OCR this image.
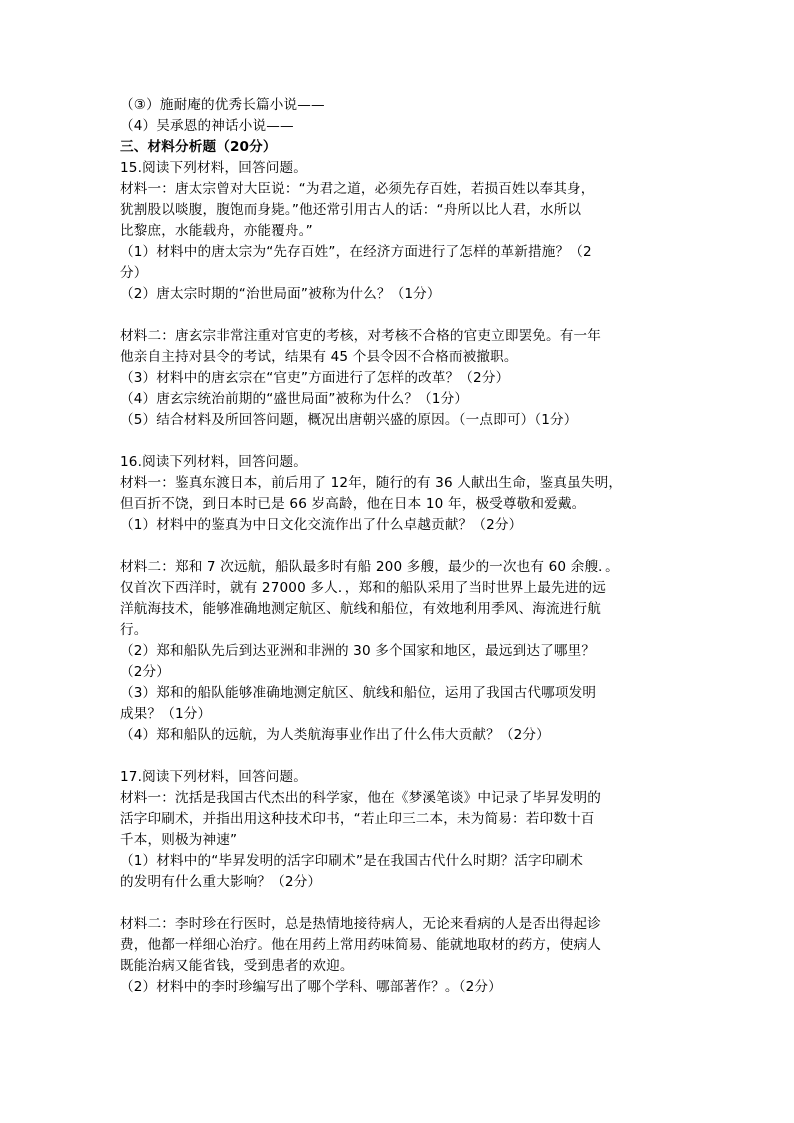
（③）施耐庵的优秀长篇小说——
（4）吴承恩的神话小说——
三、材料分析题（20分）
15.阅读下列材料，回答问题。
材料一：唐太宗曾对大臣说：“为君之道，必须先存百姓，若损百姓以奉其身，
犹割股以啖腹，腹饱而身毙。”他还常引用古人的话：“舟所以比人君，水所以
比黎庶，水能载舟，亦能覆舟。”
（1）材料中的唐太宗为“先存百姓”，在经济方面进行了怎样的革新措施？（2
分）
（2）唐太宗时期的“治世局面”被称为什么？（1分）
材料二：唐玄宗非常注重对官吏的考核，对考核不合格的官吏立即罢免。有一年
他亲自主持对县令的考试，结果有 45 个县令因不合格而被撤职。
（3）材料中的唐玄宗在“官吏”方面进行了怎样的改革？（2分）
（4）唐玄宗统治前期的“盛世局面”被称为什么？（1分）
（5）结合材料及所回答问题，概况出唐朝兴盛的原因。（一点即可）（1分）
16.阅读下列材料，回答问题。
材料一：鉴真东渡日本，前后用了 12年，随行的有 36 人献出生命，鉴真虽失明，
但百折不饶，到日本时已是 66 岁高龄，他在日本 10 年，极受尊敬和爱戴。
（1）材料中的鉴真为中日文化交流作出了什么卓越贡献？（2分）
材料二：郑和 7 次远航，船队最多时有船 200 多艘，最少的一次也有 60 余艘．。
仅首次下西洋时，就有 27000 多人．，郑和的船队采用了当时世界上最先进的远
洋航海技术，能够准确地测定航区、航线和船位，有效地利用季风、海流进行航
行。
（2）郑和船队先后到达亚洲和非洲的 30 多个国家和地区，最远到达了哪里？
（2分）
（3）郑和的船队能够准确地测定航区、航线和船位，运用了我国古代哪项发明
成果？（1分）
（4）郑和船队的远航，为人类航海事业作出了什么伟大贡献？（2分）
17.阅读下列材料，回答问题。
材料一：沈括是我国古代杰出的科学家，他在《梦溪笔谈》中记录了毕昇发明的
活字印刷术，并指出用这种技术印书，“若止印三二本，未为简易：若印数十百
千本，则极为神速”
（1）材料中的“毕昇发明的活字印刷术”是在我国古代什么时期？活字印刷术
的发明有什么重大影响？（2分）
材料二：李时珍在行医时，总是热情地接待病人，无论来看病的人是否出得起诊
费，他都一样细心治疗。他在用药上常用药味简易、能就地取材的药方，使病人
既能治病又能省钱，受到患者的欢迎。
（2）材料中的李时珍编写出了哪个学科、哪部著作？。（2分）
